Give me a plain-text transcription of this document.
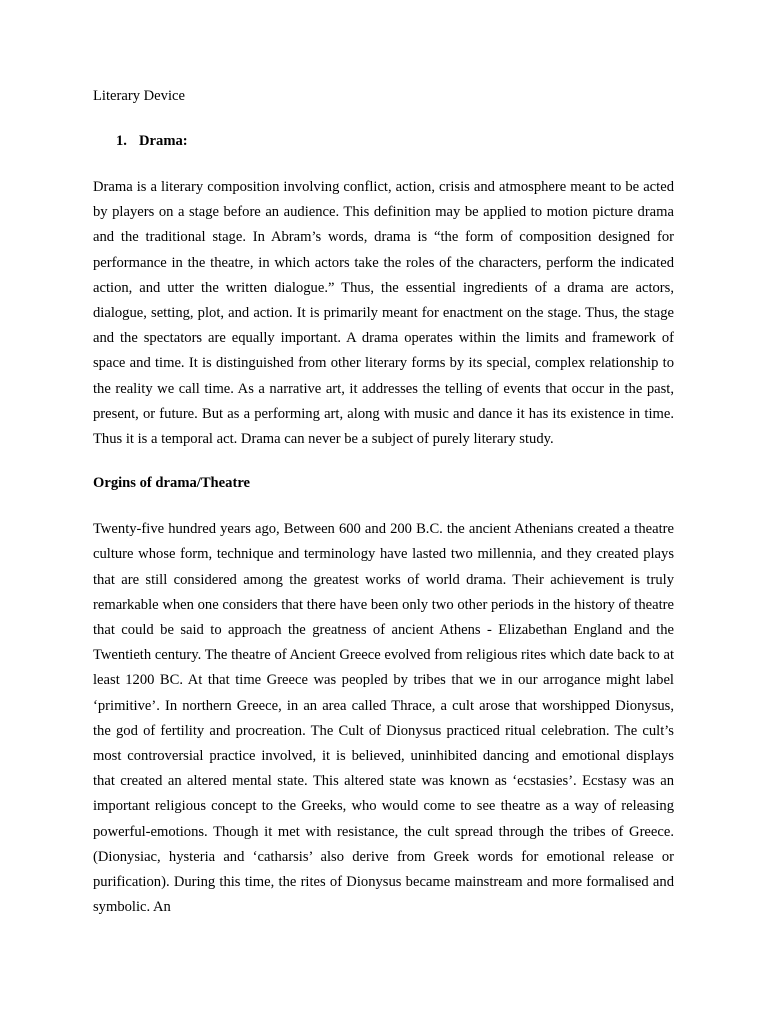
Literary Device
1. Drama:

Drama is a literary composition involving conflict, action, crisis and atmosphere meant to be acted by players on a stage before an audience. This definition may be applied to motion picture drama and the traditional stage. In Abram’s words, drama is “the form of composition designed for performance in the theatre, in which actors take the roles of the characters, perform the indicated action, and utter the written dialogue.” Thus, the essential ingredients of a drama are actors, dialogue, setting, plot, and action. It is primarily meant for enactment on the stage. Thus, the stage and the spectators are equally important. A drama operates within the limits and framework of space and time. It is distinguished from other literary forms by its special, complex relationship to the reality we call time. As a narrative art, it addresses the telling of events that occur in the past, present, or future. But as a performing art, along with music and dance it has its existence in time. Thus it is a temporal act. Drama can never be a subject of purely literary study.

Orgins of drama/Theatre

Twenty-five hundred years ago, Between 600 and 200 B.C. the ancient Athenians created a theatre culture whose form, technique and terminology have lasted two millennia, and they created plays that are still considered among the greatest works of world drama. Their achievement is truly remarkable when one considers that there have been only two other periods in the history of theatre that could be said to approach the greatness of ancient Athens - Elizabethan England and the Twentieth century. The theatre of Ancient Greece evolved from religious rites which date back to at least 1200 BC. At that time Greece was peopled by tribes that we in our arrogance might label ‘primitive’. In northern Greece, in an area called Thrace, a cult arose that worshipped Dionysus, the god of fertility and procreation. The Cult of Dionysus practiced ritual celebration. The cult’s most controversial practice involved, it is believed, uninhibited dancing and emotional displays that created an altered mental state. This altered state was known as ‘ecstasies’. Ecstasy was an important religious concept to the Greeks, who would come to see theatre as a way of releasing powerful-emotions. Though it met with resistance, the cult spread through the tribes of Greece. (Dionysiac, hysteria and ‘catharsis’ also derive from Greek words for emotional release or purification). During this time, the rites of Dionysus became mainstream and more formalised and symbolic. An
